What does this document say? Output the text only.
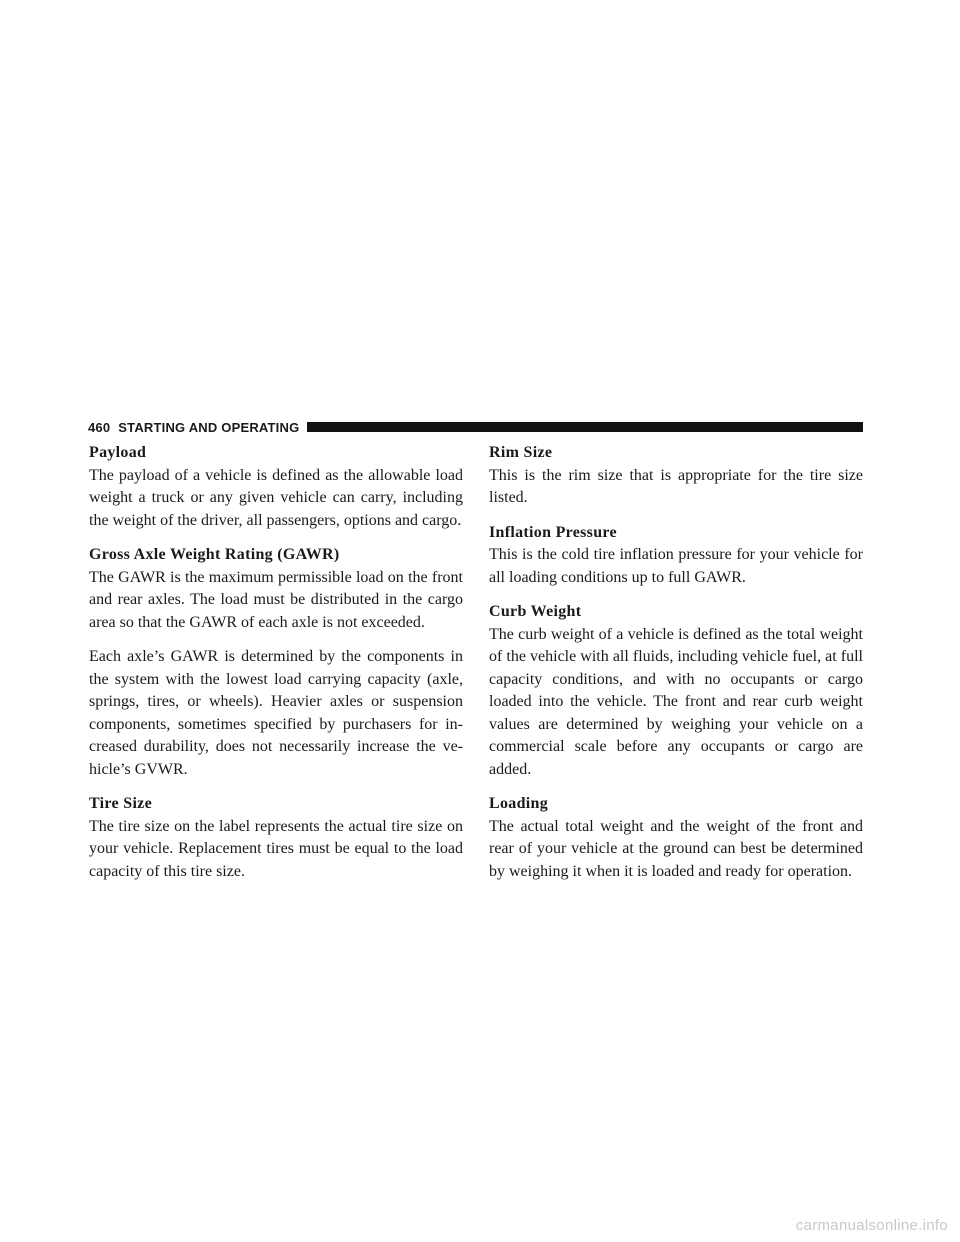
460 STARTING AND OPERATING
Payload

The payload of a vehicle is defined as the allowable load weight a truck or any given vehicle can carry, including the weight of the driver, all passengers, options and cargo.

Gross Axle Weight Rating (GAWR)

The GAWR is the maximum permissible load on the front and rear axles. The load must be distributed in the cargo area so that the GAWR of each axle is not exceeded.

Each axle’s GAWR is determined by the components in the system with the lowest load carrying capacity (axle, springs, tires, or wheels). Heavier axles or suspension components, sometimes specified by purchasers for in-creased durability, does not necessarily increase the ve-hicle’s GVWR.

Tire Size

The tire size on the label represents the actual tire size on your vehicle. Replacement tires must be equal to the load capacity of this tire size.

Rim Size

This is the rim size that is appropriate for the tire size listed.

Inflation Pressure

This is the cold tire inflation pressure for your vehicle for all loading conditions up to full GAWR.

Curb Weight

The curb weight of a vehicle is defined as the total weight of the vehicle with all fluids, including vehicle fuel, at full capacity conditions, and with no occupants or cargo loaded into the vehicle. The front and rear curb weight values are determined by weighing your vehicle on a commercial scale before any occupants or cargo are added.

Loading

The actual total weight and the weight of the front and rear of your vehicle at the ground can best be determined by weighing it when it is loaded and ready for operation.

carmanualsonline.info
